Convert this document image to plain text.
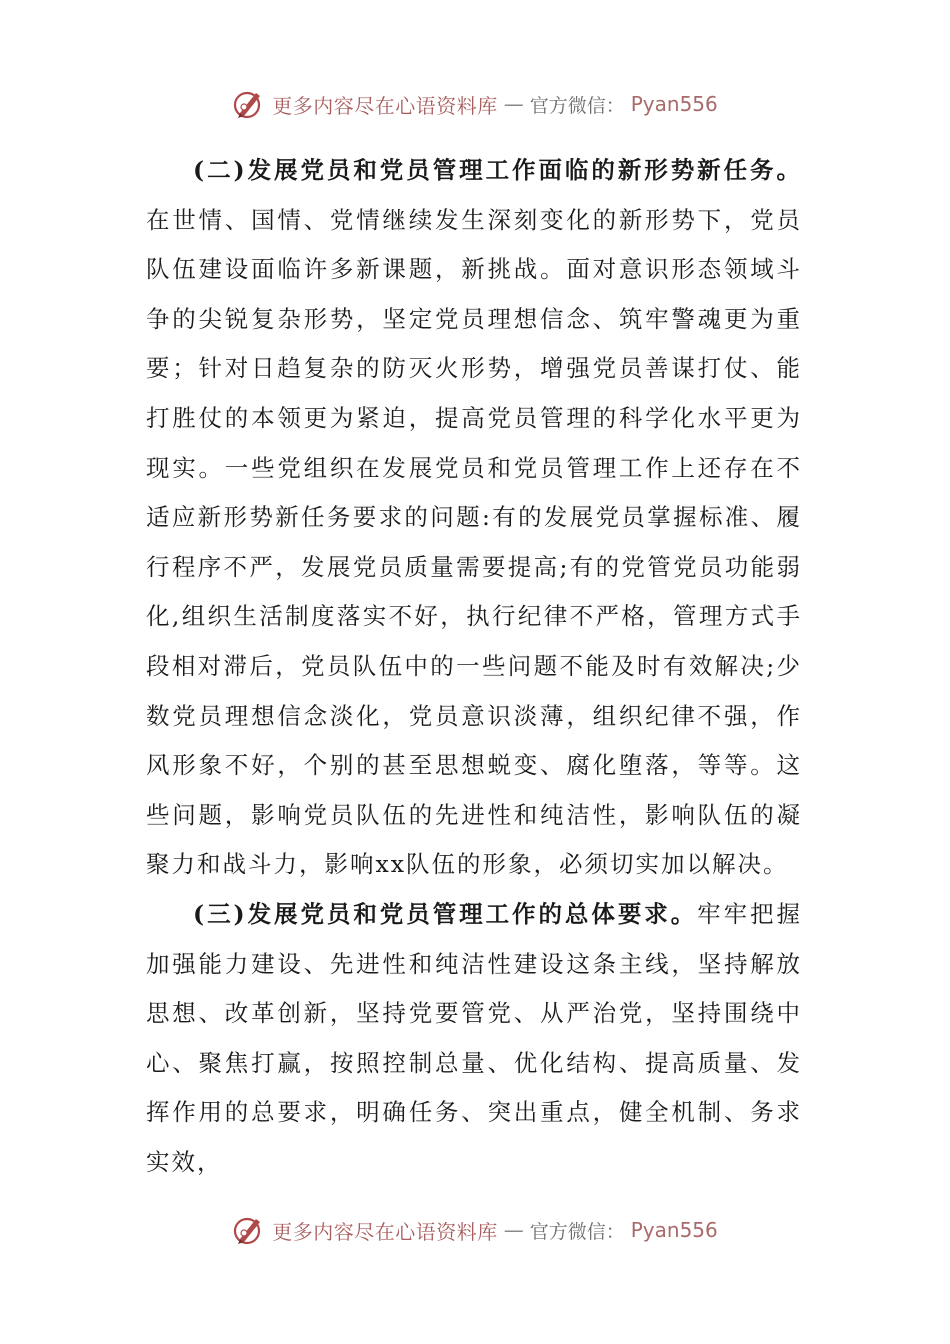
更多内容尽在心语资料库 — 官方微信： Pyan556

(二)发展党员和党员管理工作面临的新形势新任务。在世情、国情、党情继续发生深刻变化的新形势下，党员队伍建设面临许多新课题，新挑战。面对意识形态领域斗争的尖锐复杂形势，坚定党员理想信念、筑牢警魂更为重要；针对日趋复杂的防灭火形势，增强党员善谋打仗、能打胜仗的本领更为紧迫，提高党员管理的科学化水平更为现实。一些党组织在发展党员和党员管理工作上还存在不适应新形势新任务要求的问题:有的发展党员掌握标准、履行程序不严，发展党员质量需要提高;有的党管党员功能弱化,组织生活制度落实不好，执行纪律不严格，管理方式手段相对滞后，党员队伍中的一些问题不能及时有效解决;少数党员理想信念淡化，党员意识淡薄，组织纪律不强，作风形象不好，个别的甚至思想蜕变、腐化堕落，等等。这些问题，影响党员队伍的先进性和纯洁性，影响队伍的凝聚力和战斗力，影响xx队伍的形象，必须切实加以解决。

(三)发展党员和党员管理工作的总体要求。牢牢把握加强能力建设、先进性和纯洁性建设这条主线，坚持解放思想、改革创新，坚持党要管党、从严治党，坚持围绕中心、聚焦打赢，按照控制总量、优化结构、提高质量、发挥作用的总要求，明确任务、突出重点，健全机制、务求实效，

更多内容尽在心语资料库 — 官方微信： Pyan556
